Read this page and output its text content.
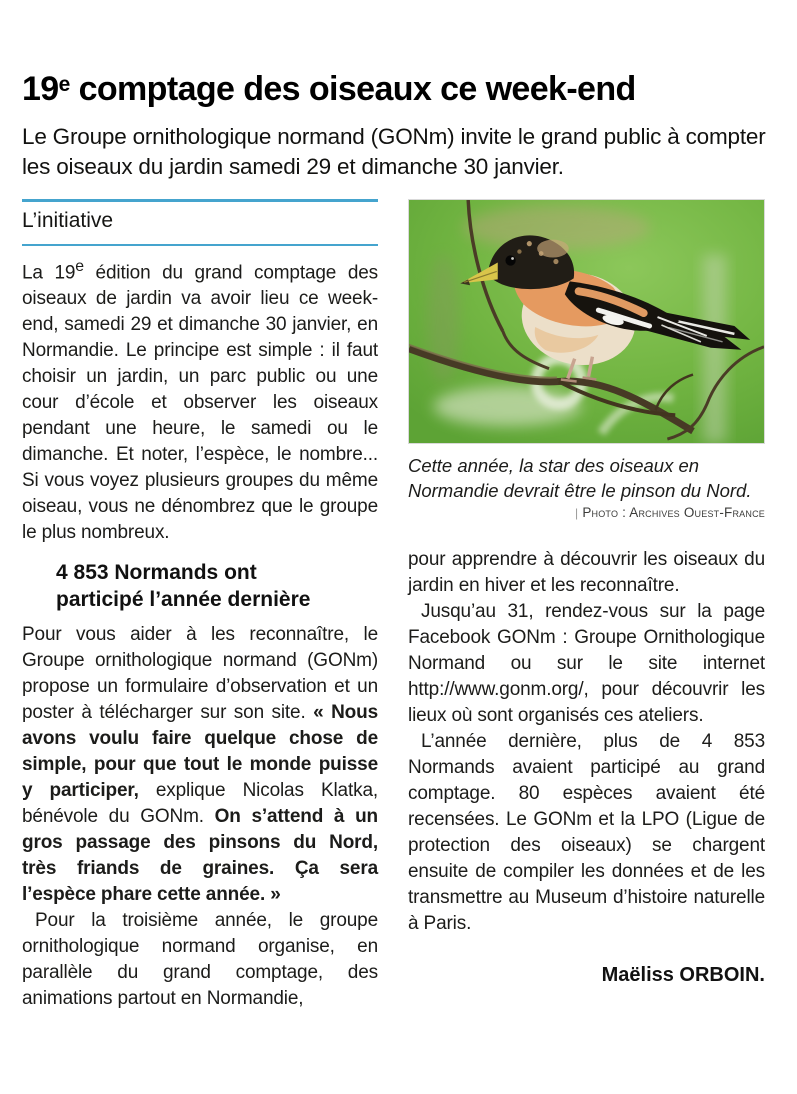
19e comptage des oiseaux ce week-end

Le Groupe ornithologique normand (GONm) invite le grand public à compter les oiseaux du jardin samedi 29 et dimanche 30 janvier.

L’initiative

La 19e édition du grand comptage des oiseaux de jardin va avoir lieu ce week-end, samedi 29 et dimanche 30 janvier, en Normandie. Le principe est simple : il faut choisir un jardin, un parc public ou une cour d’école et observer les oiseaux pendant une heure, le samedi ou le dimanche. Et noter, l’espèce, le nombre... Si vous voyez plusieurs groupes du même oiseau, vous ne dénombrez que le groupe le plus nombreux.

4 853 Normands ont
participé l’année dernière

Pour vous aider à les reconnaître, le Groupe ornithologique normand (GONm) propose un formulaire d’observation et un poster à télécharger sur son site. « Nous avons voulu faire quelque chose de simple, pour que tout le monde puisse y participer, explique Nicolas Klatka, bénévole du GONm. On s’attend à un gros passage des pinsons du Nord, très friands de graines. Ça sera l’espèce phare cette année. »

Pour la troisième année, le groupe ornithologique normand organise, en parallèle du grand comptage, des animations partout en Normandie,

Cette année, la star des oiseaux en Normandie devrait être le pinson du Nord.
| Photo : Archives Ouest-France

pour apprendre à découvrir les oiseaux du jardin en hiver et les reconnaître.

Jusqu’au 31, rendez-vous sur la page Facebook GONm : Groupe Ornithologique Normand ou sur le site internet http://www.gonm.org/, pour découvrir les lieux où sont organisés ces ateliers.

L’année dernière, plus de 4 853 Normands avaient participé au grand comptage. 80 espèces avaient été recensées. Le GONm et la LPO (Ligue de protection des oiseaux) se chargent ensuite de compiler les données et de les transmettre au Museum d’histoire naturelle à Paris.

Maëliss ORBOIN.
